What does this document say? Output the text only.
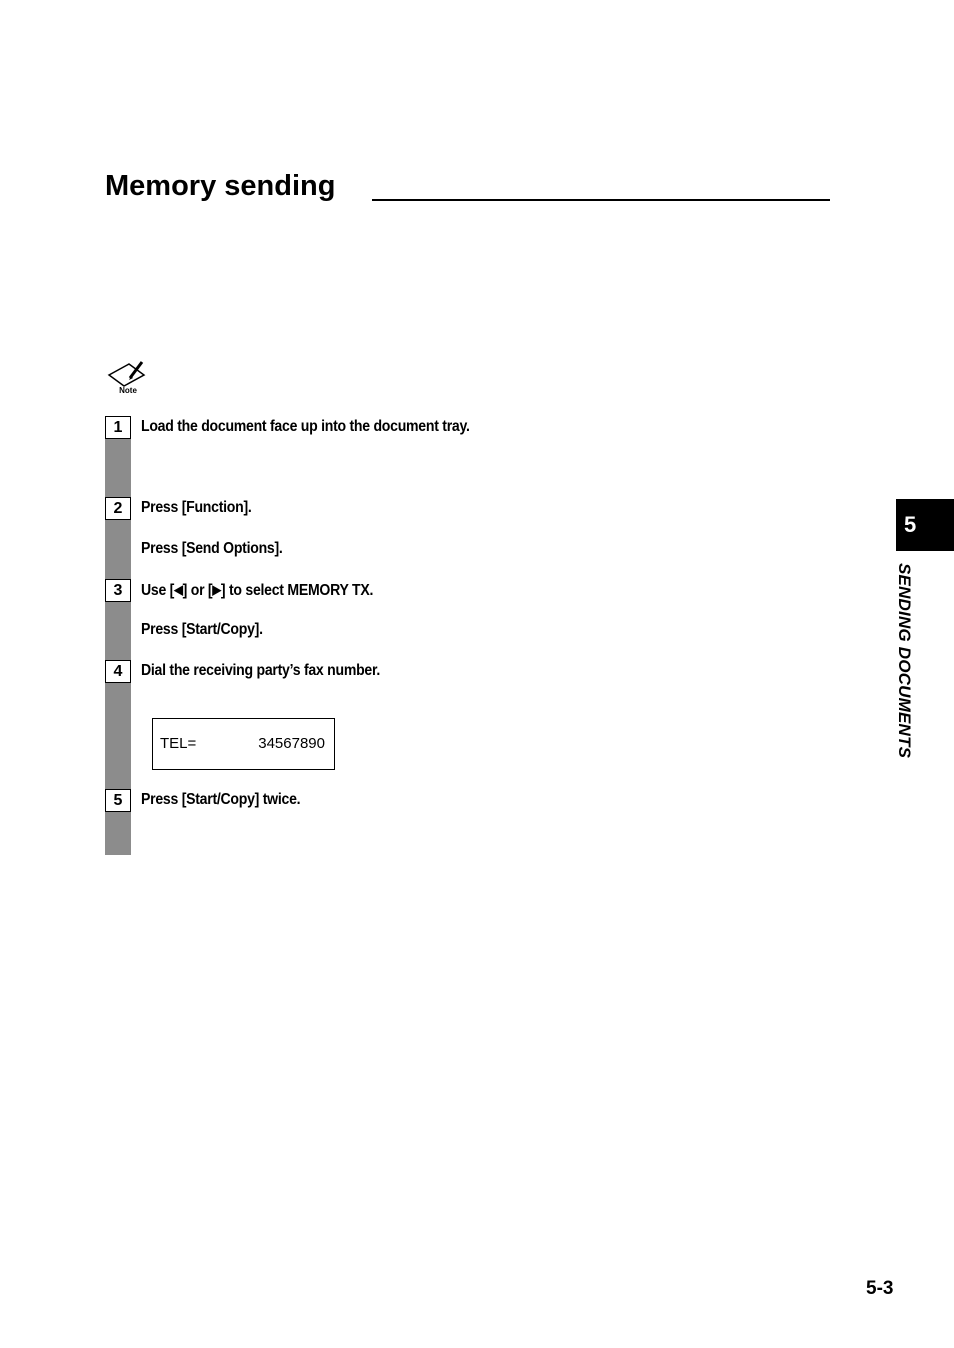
Memory sending
Note
1	Load the document face up into the document tray.
2	Press [Function].
Press [Send Options].
3	Use [◀] or [▶] to select MEMORY TX.
Press [Start/Copy].
4	Dial the receiving party’s fax number.
TEL=	34567890
5	Press [Start/Copy] twice.
5
SENDING DOCUMENTS
5-3
